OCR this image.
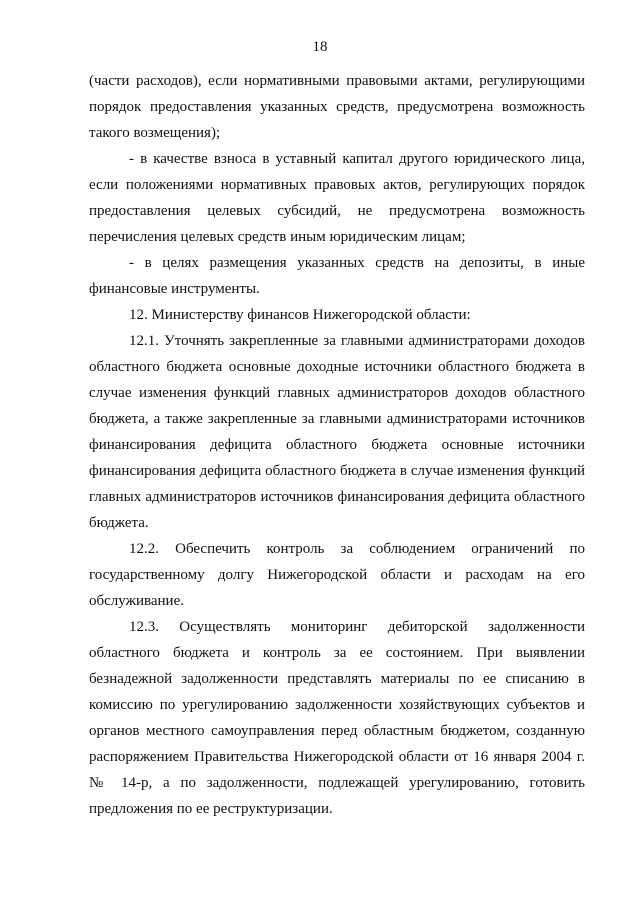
18

(части расходов), если нормативными правовыми актами, регулирующими порядок предоставления указанных средств, предусмотрена возможность такого возмещения);

- в качестве взноса в уставный капитал другого юридического лица, если положениями нормативных правовых актов, регулирующих порядок предоставления целевых субсидий, не предусмотрена возможность перечисления целевых средств иным юридическим лицам;

- в целях размещения указанных средств на депозиты, в иные финансовые инструменты.

12. Министерству финансов Нижегородской области:

12.1. Уточнять закрепленные за главными администраторами доходов областного бюджета основные доходные источники областного бюджета в случае изменения функций главных администраторов доходов областного бюджета, а также закрепленные за главными администраторами источников финансирования дефицита областного бюджета основные источники финансирования дефицита областного бюджета в случае изменения функций главных администраторов источников финансирования дефицита областного бюджета.

12.2. Обеспечить контроль за соблюдением ограничений по государственному долгу Нижегородской области и расходам на его обслуживание.

12.3. Осуществлять мониторинг дебиторской задолженности областного бюджета и контроль за ее состоянием. При выявлении безнадежной задолженности представлять материалы по ее списанию в комиссию по урегулированию задолженности хозяйствующих субъектов и органов местного самоуправления перед областным бюджетом, созданную распоряжением Правительства Нижегородской области от 16 января 2004 г. № 14-р, а по задолженности, подлежащей урегулированию, готовить предложения по ее реструктуризации.
